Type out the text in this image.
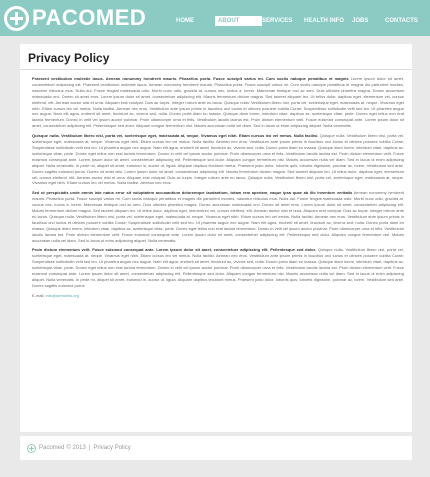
PACOMED	HOME	ABOUT CLINIC
SERVICES	HEALTH INFO	JOBS	CONTACTS
Privacy Policy
Praesent vestibulum molestie lacus. Aenean nonummy hendrerit mauris. Phasellus porta. Fusce suscipit varius mi. Cum sociis natoque penatibus et magnis Lorem ipsum dolor sit amet, consectetuer adipiscing elit. Praesent vestibulum molestie lacus. Aenean nonummy hendrerit mauris. Phasellus porta. Fusce suscipit varius mi. Cum sociis natoque penatibus et magnis dis parturient montes, nascetur ridiculus mus. Nulla dui. Fusce feugiat malesuada odio. Morbi nunc odio, gravida at, cursus nec, luctus a, lorem. Maecenas tristique orci ac sem. Duis ultricies pharetra magna. Donec accumsan malesuada orci. Donec sit amet eros. Lorem ipsum dolor sit amet, consectetuer adipiscing elit. Mauris fermentum dictum magna. Sed laoreet aliquam leo. Ut tellus dolor, dapibus eget, elementum vel, cursus eleifend, elit. Aenean auctor wisi et urna. Aliquam erat volutpat. Duis ac turpis. Integer rutrum ante eu lacus. Quisque nulla. Vestibulum libero nisl, porta vel, scelerisque eget, malesuada at, neque. Vivamus eget nibh. Etiam cursus leo vel metus. Nulla facilisi. Aenean nec eros. Vestibulum ante ipsum primis in faucibus orci luctus et ultrices posuere cubilia Curae; Suspendisse sollicitudin velit sed leo. Ut pharetra augue nec augue. Nam elit agna, endrerit sit amet, tincidunt ac, viverra sed, nulla. Donec porta diam eu massa. Quisque diam lorem, interdum vitae, dapibus ac, scelerisque vitae, pede. Donec eget tellus non erat lacinia fermentum. Donec in velit vel ipsum auctor pulvinar. Proin ullamcorper urna et felis. Vestibulum iaculis lacinia est. Proin dictum elementum velit. Fusce euismod consequat ante. Lorem ipsum dolor sit amet, consectetuer adipiscing elit. Pellentesque sed dolor. Aliquam congue fermentum nisl. Mauris accumsan nulla vel diam. Sed in lacus ut enim adipiscing aliquet. Nulla venenatis.
Quisque nulla. Vestibulum libero nisl, porta vel, scelerisque eget, malesuada at, neque. Vivamus eget nibh. Etiam cursus leo vel metus. Nulla facilisi. Quisque nulla. Vestibulum libero nisl, porta vel, scelerisque eget, malesuada at, neque. Vivamus eget nibh. Etiam cursus leo vel metus. Nulla facilisi. Aenean nec eros. Vestibulum ante ipsum primis in faucibus orci luctus et ultrices posuere cubilia Curae; Suspendisse sollicitudin velit sed leo. Ut pharetra augue nec augue. Nam elit agna, endrerit sit amet, tincidunt ac, viverra sed, nulla. Donec porta diam eu massa. Quisque diam lorem, interdum vitae, dapibus ac, scelerisque vitae, pede. Donec eget tellus non erat lacinia fermentum. Donec in velit vel ipsum auctor pulvinar. Proin ullamcorper urna et felis. Vestibulum iaculis lacinia est. Proin dictum elementum velit. Fusce euismod consequat ante. Lorem ipsum dolor sit amet, consectetuer adipiscing elit. Pellentesque sed dolor. Aliquam congue fermentum nisl. Mauris accumsan nulla vel diam. Sed in lacus ut enim adipiscing aliquet. Nulla venenatis. In pede mi, aliquet sit amet, euismod in, auctor ut, ligula. Aliquam dapibus tincidunt metus. Praesent justo dolor, lobortis quis, lobortis dignissim, pulvinar ac, lorem. Vestibulum sed ante. Donec sagittis euismod purus. Donec sit amet wisi. Lorem ipsum dolor sit amet, consectetuer adipiscing elit. Mauris fermentum dictum magna. Sed laoreet aliquam leo. Ut tellus dolor, dapibus eget, elementum vel, cursus eleifend, elit. Aenean auctor wisi et urna. Aliquam erat volutpat. Duis ac turpis. Integer rutrum ante eu lacus. Quisque nulla. Vestibulum libero nisl, porta vel, scelerisque eget, malesuada at, neque. Vivamus eget nibh. Etiam cursus leo vel metus. Nulla facilisi. Aenean nec eros.
Sed ut perspiciatis unde omnis iste natus error sit voluptatem accusantium doloremque laudantium, totam rem aperiam, eaque ipsa quae ab illo inventore veritatis Aenean nonummy hendrerit mauris. Phasellus porta. Fusce suscipit varius mi. Cum sociis natoque penatibus et magnis dis parturient montes, nascetur ridiculus mus. Nulla dui. Fusce feugiat malesuada odio. Morbi nunc odio, gravida at, cursus nec, luctus a, lorem. Maecenas tristique orci ac sem. Duis ultricies pharetra magna. Donec accumsan malesuada orci. Donec sit amet eros. Lorem ipsum dolor sit amet, consectetuer adipiscing elit. Mauris fermentum dictum magna. Sed laoreet aliquam leo. Ut tellus dolor, dapibus eget, elementum vel, cursus eleifend, elit. Aenean auctor wisi et urna. Aliquam erat volutpat. Duis ac turpis. Integer rutrum ante eu lacus. Quisque nulla. Vestibulum libero nisl, porta vel, scelerisque eget, malesuada at, neque. Vivamus eget nibh. Etiam cursus leo vel metus. Nulla facilisi. Aenean nec eros. Vestibulum ante ipsum primis in faucibus orci luctus et ultrices posuere cubilia Curae; Suspendisse sollicitudin velit sed leo. Ut pharetra augue nec augue. Nam elit agna, endrerit sit amet, tincidunt ac, viverra sed, nulla. Donec porta diam eu massa. Quisque diam lorem, interdum vitae, dapibus ac, scelerisque vitae, pede. Donec eget tellus non erat lacinia fermentum. Donec in velit vel ipsum auctor pulvinar. Proin ullamcorper urna et felis. Vestibulum iaculis lacinia est. Proin dictum elementum velit. Fusce euismod consequat ante. Lorem ipsum dolor sit amet, consectetuer adipiscing elit. Pellentesque sed dolor. Aliquam congue fermentum nisl. Mauris accumsan nulla vel diam. Sed in lacus ut enim adipiscing aliquet. Nulla venenatis.
Proin dictum elementum velit. Fusce euismod consequat ante. Lorem ipsum dolor sit amet, consectetuer adipiscing elit. Pellentesque sed dolor. Quisque nulla. Vestibulum libero nisl, porta vel, scelerisque eget, malesuada at, neque. Vivamus eget nibh. Etiam cursus leo vel metus. Nulla facilisi. Aenean nec eros. Vestibulum ante ipsum primis in faucibus orci luctus et ultrices posuere cubilia Curae; Suspendisse sollicitudin velit sed leo. Ut pharetra augue nec augue. Nam elit agna, endrerit sit amet, tincidunt ac, viverra sed, nulla. Donec porta diam eu massa. Quisque diam lorem, interdum vitae, dapibus ac, scelerisque vitae, pede. Donec eget tellus non erat lacinia fermentum. Donec in velit vel ipsum auctor pulvinar. Proin ullamcorper urna et felis. Vestibulum iaculis lacinia est. Proin dictum elementum velit. Fusce euismod consequat ante. Lorem ipsum dolor sit amet, consectetuer adipiscing elit. Pellentesque sed dolor. Aliquam congue fermentum nisl. Mauris accumsan nulla vel diam. Sed in lacus ut enim adipiscing aliquet. Nulla venenatis. In pede mi, aliquet sit amet, euismod in, auctor ut, ligula. Aliquam dapibus tincidunt metus. Praesent justo dolor, lobortis quis, lobortis dignissim, pulvinar ac, lorem. Vestibulum sed ante. Donec sagittis euismod purus.
E-mail: info@demolink.org
Pacomed © 2013 | Privacy Policy
